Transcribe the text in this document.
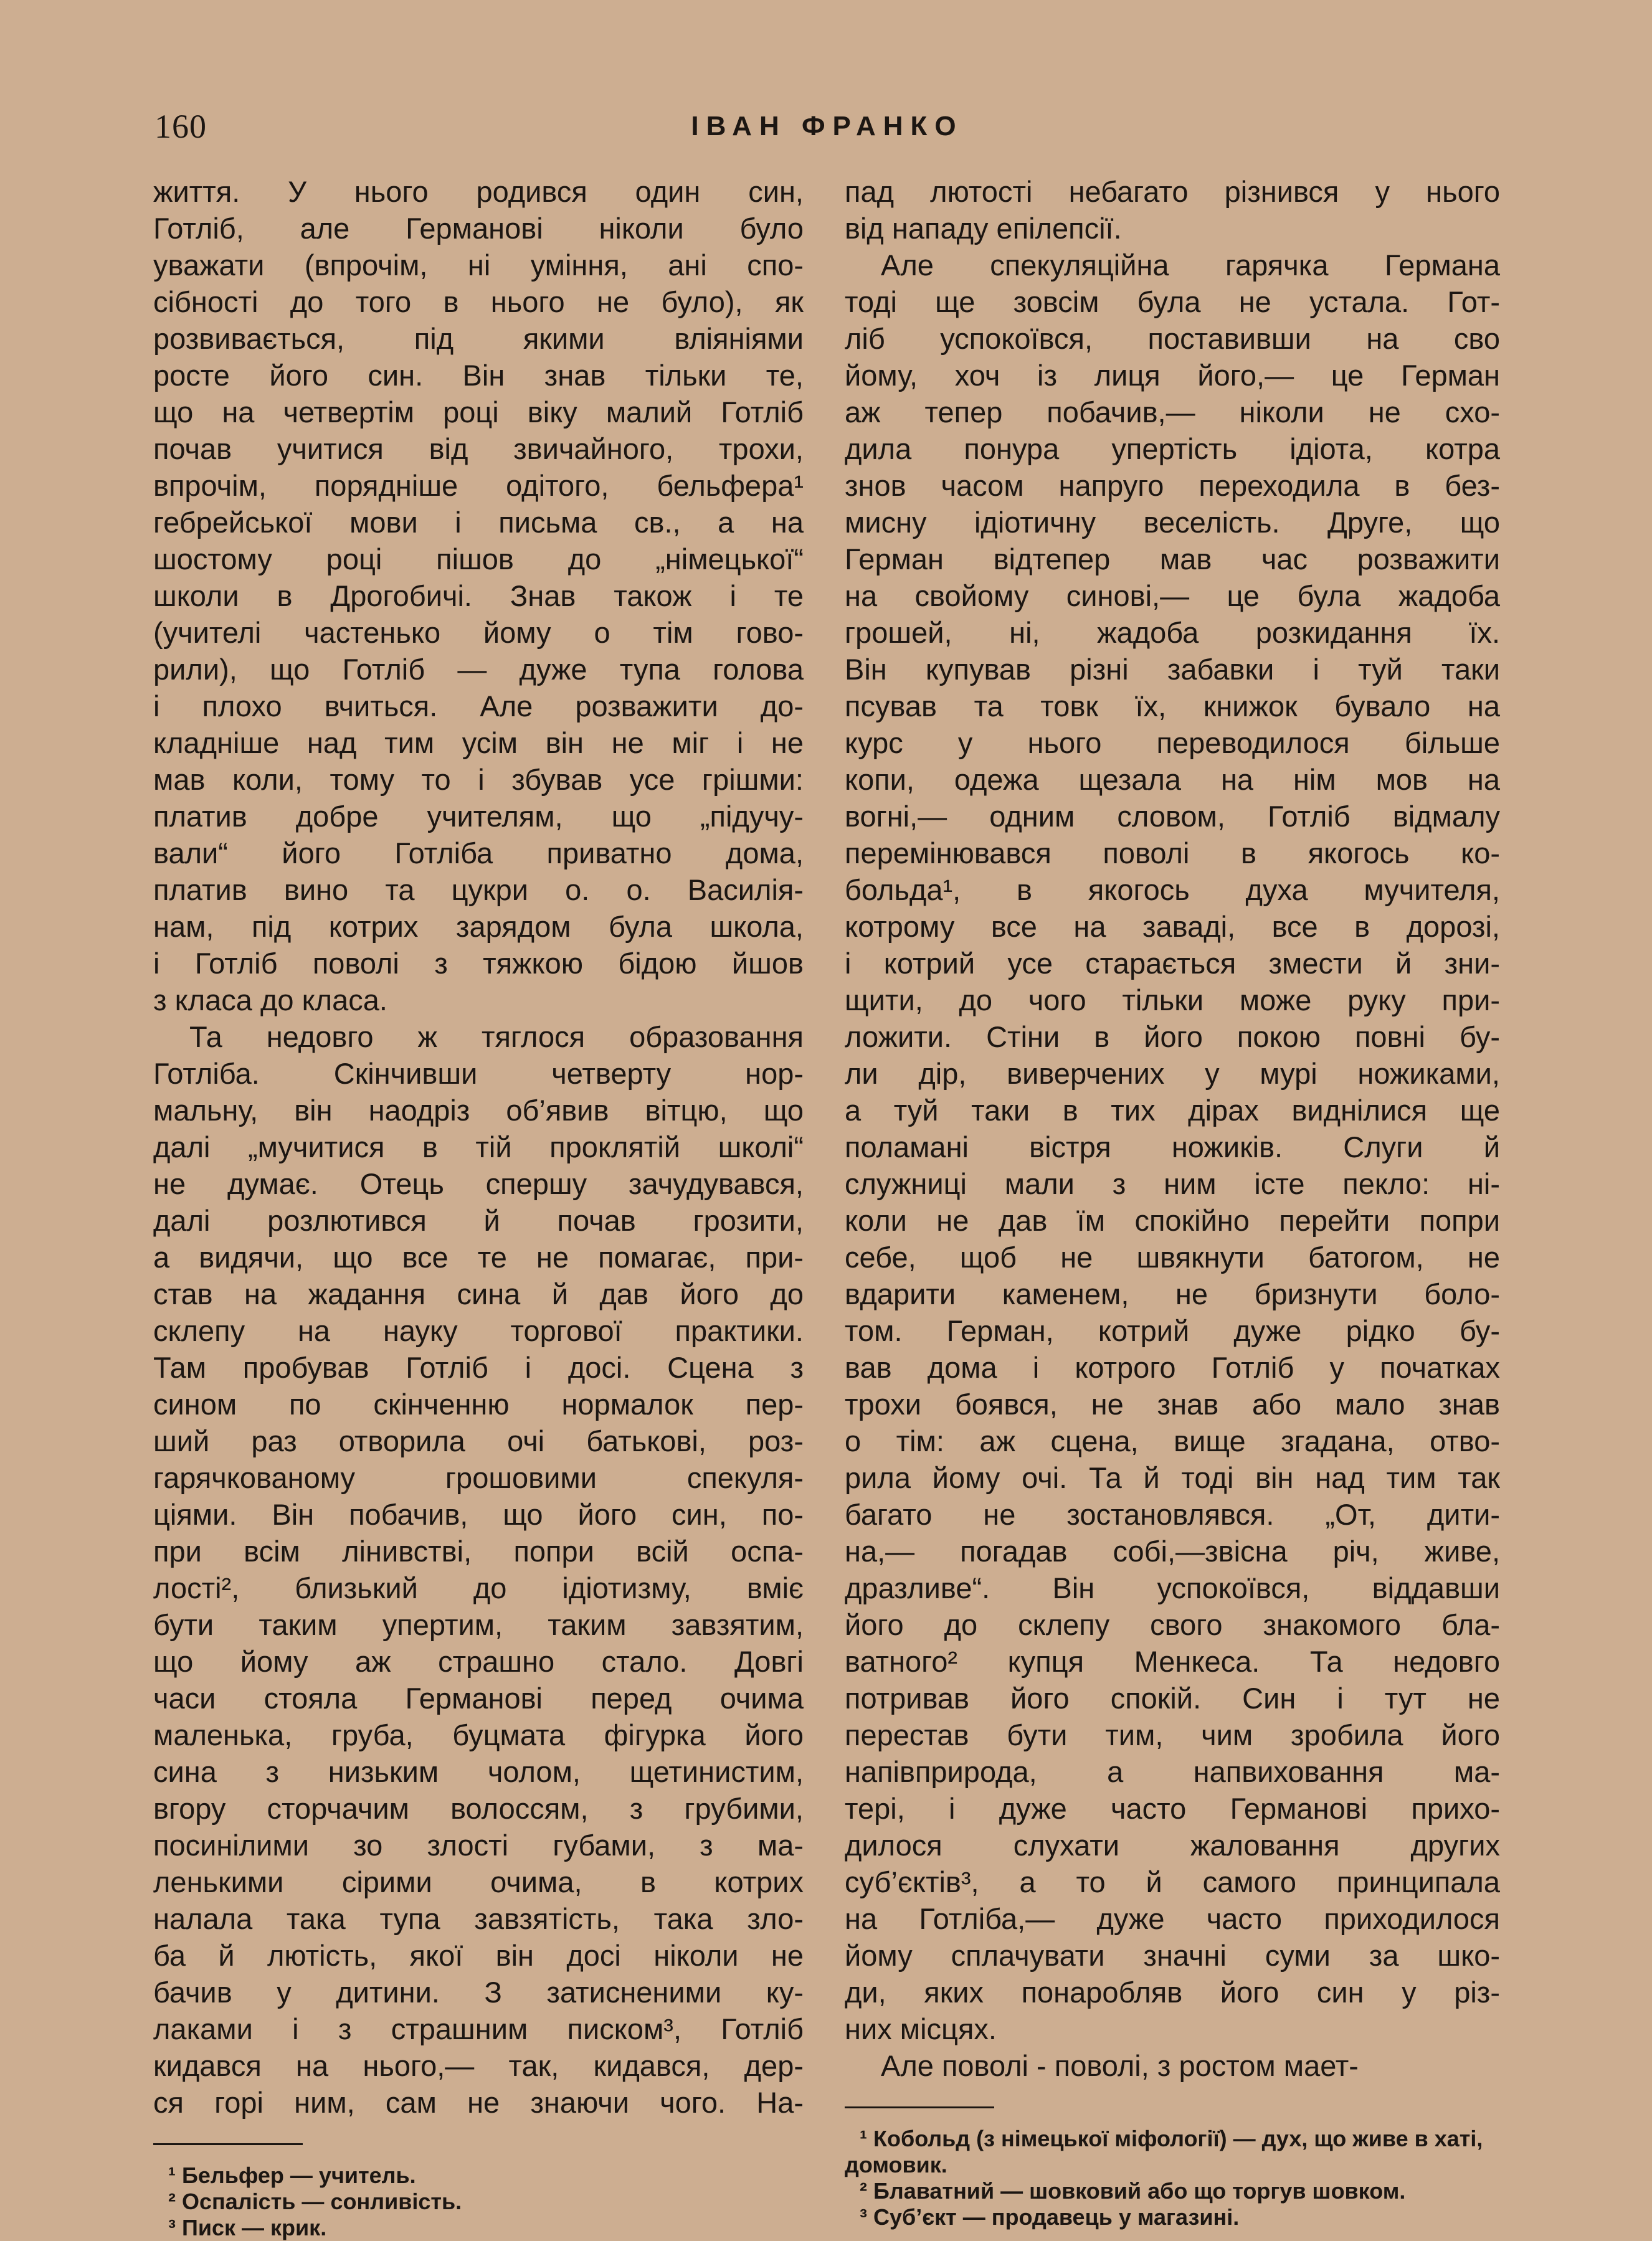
160	ІВАН ФРАНКО
життя. У нього родився один син,
Готліб, але Германові ніколи було
уважати (впрочім, ні уміння, ані спо-
сібності до того в нього не було), як
розвивається, під якими вліяніями
росте його син. Він знав тільки те,
що на четвертім році віку малий Готліб
почав учитися від звичайного, трохи,
впрочім, порядніше одітого, бельфера¹
гебрейської мови і письма св., а на
шостому році пішов до „німецької“
школи в Дрогобичі. Знав також і те
(учителі частенько йому о тім гово-
рили), що Готліб — дуже тупа голова
і плохо вчиться. Але розважити до-
кладніше над тим усім він не міг і не
мав коли, тому то і збував усе грішми:
платив добре учителям, що „підучу-
вали“ його Готліба приватно дома,
платив вино та цукри о. о. Василія-
нам, під котрих зарядом була школа,
і Готліб поволі з тяжкою бідою йшов
з класа до класа.
Та недовго ж тяглося образовання
Готліба. Скінчивши четверту нор-
мальну, він наодріз об’явив вітцю, що
далі „мучитися в тій проклятій школі“
не думає. Отець спершу зачудувався,
далі розлютився й почав грозити,
а видячи, що все те не помагає, при-
став на жадання сина й дав його до
склепу на науку торгової практики.
Там пробував Готліб і досі. Сцена з
сином по скінченню нормалок пер-
ший раз отворила очі батькові, роз-
гарячкованому грошовими спекуля-
ціями. Він побачив, що його син, по-
при всім лінивстві, попри всій оспа-
лості², близький до ідіотизму, вміє
бути таким упертим, таким завзятим,
що йому аж страшно стало. Довгі
часи стояла Германові перед очима
маленька, груба, буцмата фігурка його
сина з низьким чолом, щетинистим,
вгору сторчачим волоссям, з грубими,
посинілими зо злості губами, з ма-
ленькими сірими очима, в котрих
налала така тупа завзятість, така зло-
ба й лютість, якої він досі ніколи не
бачив у дитини. З затисненими ку-
лаками і з страшним писком³, Готліб
кидався на нього,— так, кидався, дер-
ся горі ним, сам не знаючи чого. На-

¹ Бельфер — учитель.

² Оспалість — сонливість.

³ Писк — крик.

пад лютості небагато різнився у нього
від нападу епілепсії.
Але спекуляційна гарячка Германа
тоді ще зовсім була не устала. Гот-
ліб успокоївся, поставивши на сво
йому, хоч із лиця його,— це Герман
аж тепер побачив,— ніколи не схо-
дила понура упертість ідіота, котра
знов часом напруго переходила в без-
мисну ідіотичну веселість. Друге, що
Герман відтепер мав час розважити
на свойому синові,— це була жадоба
грошей, ні, жадоба розкидання їх.
Він купував різні забавки і туй таки
псував та товк їх, книжок бувало на
курс у нього переводилося більше
копи, одежа щезала на нім мов на
вогні,— одним словом, Готліб відмалу
перемінювався поволі в якогось ко-
больда¹, в якогось духа мучителя,
котрому все на заваді, все в дорозі,
і котрий усе старається змести й зни-
щити, до чого тільки може руку при-
ложити. Стіни в його покою повні бу-
ли дір, виверчених у мурі ножиками,
а туй таки в тих дірах виднілися ще
поламані вістря ножиків. Слуги й
служниці мали з ним істе пекло: ні-
коли не дав їм спокійно перейти попри
себе, щоб не швякнути батогом, не
вдарити каменем, не бризнути боло-
том. Герман, котрий дуже рідко бу-
вав дома і котрого Готліб у початках
трохи боявся, не знав або мало знав
о тім: аж сцена, вище згадана, отво-
рила йому очі. Та й тоді він над тим так
багато не зостановлявся. „От, дити-
на,— погадав собі,—звісна річ, живе,
дразливе“. Він успокоївся, віддавши
його до склепу свого знакомого бла-
ватного² купця Менкеса. Та недовго
потривав його спокій. Син і тут не
перестав бути тим, чим зробила його
напівприрода, а напвиховання ма-
тері, і дуже часто Германові прихо-
дилося слухати жаловання других
суб’єктів³, а то й самого принципала
на Готліба,— дуже часто приходилося
йому сплачувати значні суми за шко-
ди, яких понаробляв його син у різ-
них місцях.
Але поволі - поволі, з ростом мает-

¹ Кобольд (з німецької міфології) — дух, що живе в хаті, домовик.

² Блаватний — шовковий або що торгув шовком.

³ Суб’єкт — продавець у магазині.
